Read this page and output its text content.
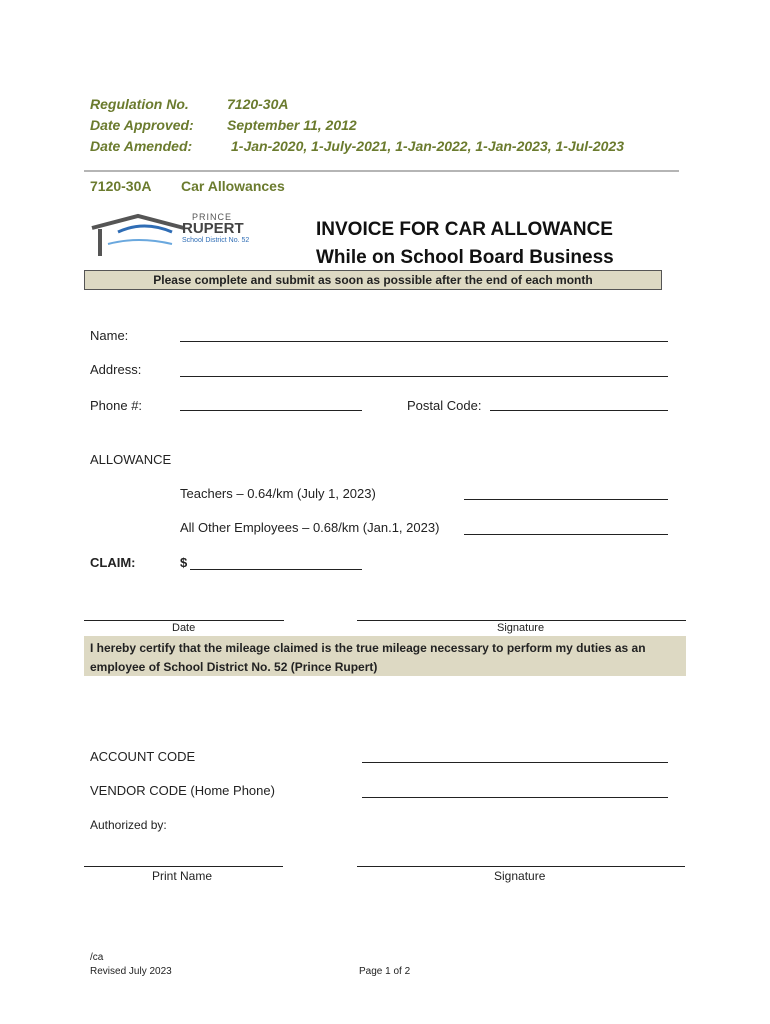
Regulation No.	7120-30A
Date Approved: September 11, 2012
Date Amended:	1-Jan-2020, 1-July-2021, 1-Jan-2022, 1-Jan-2023, 1-Jul-2023
7120-30A Car Allowances
PRINCE
RUPERT
School District No. 52
INVOICE FOR CAR ALLOWANCE
While on School Board Business
Please complete and submit as soon as possible after the end of each month
Name:
Address:
Phone #:	Postal Code:
ALLOWANCE
Teachers – 0.64/km (July 1, 2023)
All Other Employees – 0.68/km (Jan.1, 2023)
CLAIM:	$
Date	Signature
I hereby certify that the mileage claimed is the true mileage necessary to perform my duties as an employee of School District No. 52 (Prince Rupert)
ACCOUNT CODE
VENDOR CODE (Home Phone)
Authorized by:
Print Name	Signature
/ca
Revised July 2023	Page 1 of 2
